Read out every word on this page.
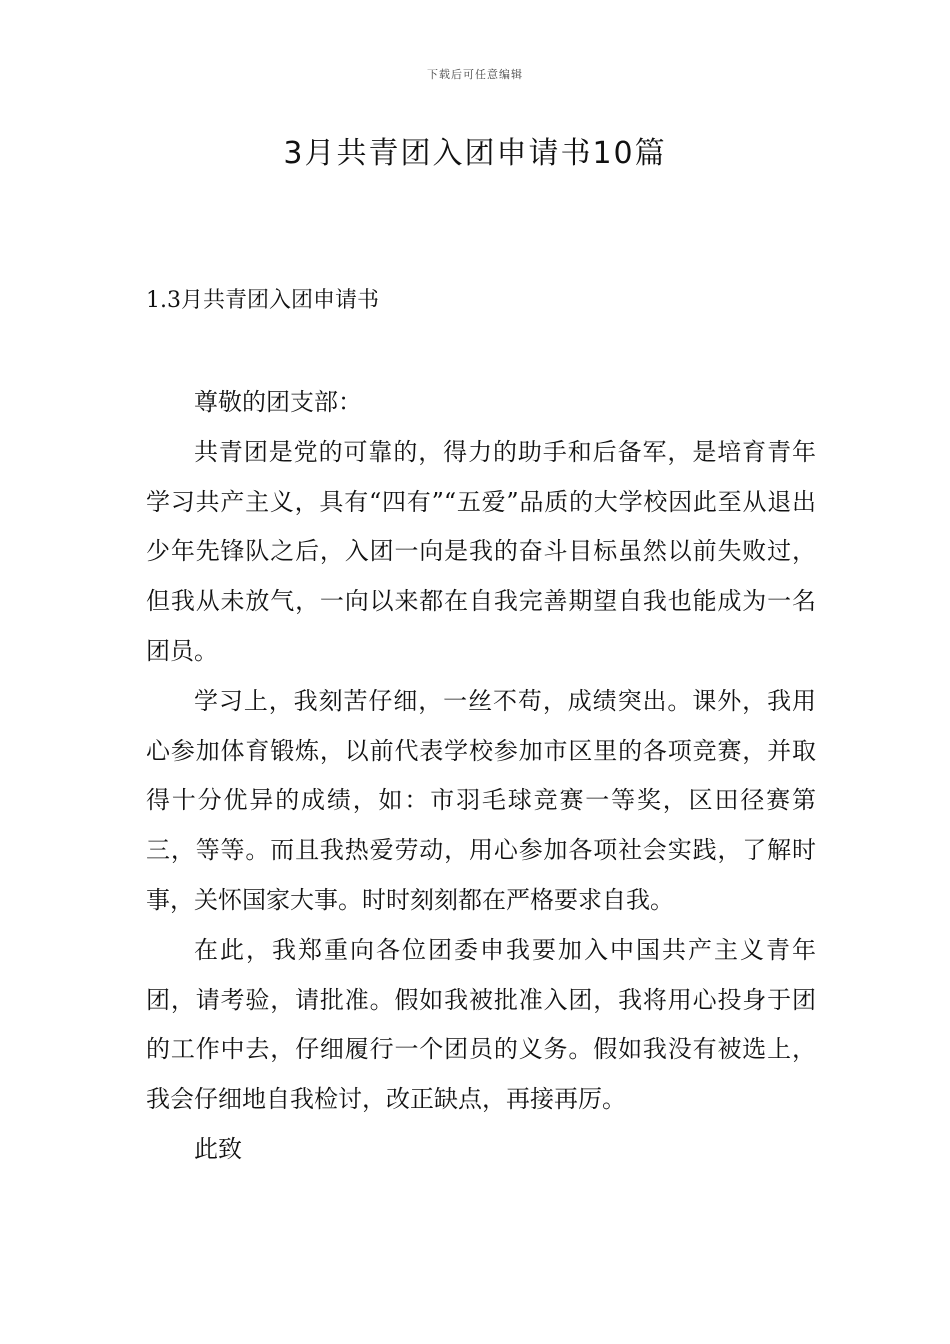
下载后可任意编辑
3月共青团入团申请书10篇
1.3月共青团入团申请书

尊敬的团支部：

共青团是党的可靠的，得力的助手和后备军，是培育青年学习共产主义，具有“四有”“五爱”品质的大学校因此至从退出少年先锋队之后，入团一向是我的奋斗目标虽然以前失败过，但我从未放气，一向以来都在自我完善期望自我也能成为一名团员。

学习上，我刻苦仔细，一丝不苟，成绩突出。课外，我用心参加体育锻炼，以前代表学校参加市区里的各项竞赛，并取得十分优异的成绩，如：市羽毛球竞赛一等奖，区田径赛第三，等等。而且我热爱劳动，用心参加各项社会实践，了解时事，关怀国家大事。时时刻刻都在严格要求自我。

在此，我郑重向各位团委申我要加入中国共产主义青年团，请考验，请批准。假如我被批准入团，我将用心投身于团的工作中去，仔细履行一个团员的义务。假如我没有被选上，我会仔细地自我检讨，改正缺点，再接再厉。

此致
